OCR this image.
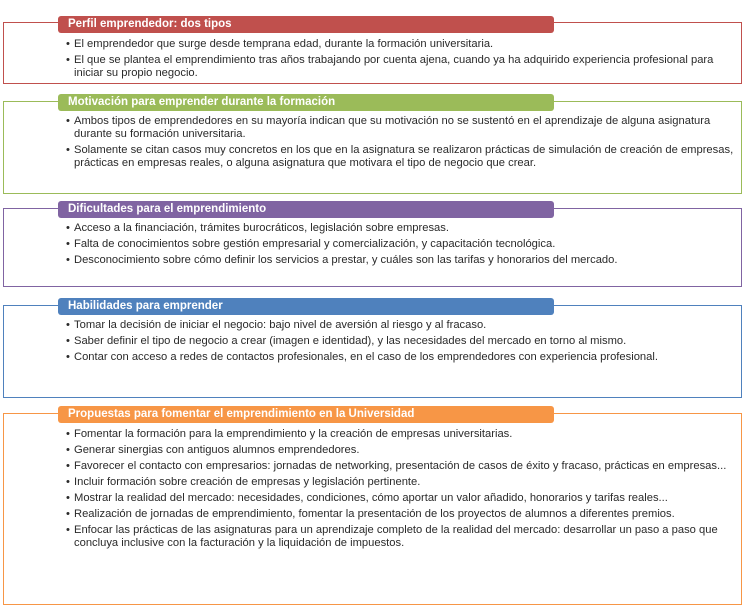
Perfil emprendedor: dos tipos
• El emprendedor que surge desde temprana edad, durante la formación universitaria.
• El que se plantea el emprendimiento tras años trabajando por cuenta ajena, cuando ya ha adquirido experiencia profesional para iniciar su propio negocio.
Motivación para emprender durante la formación
• Ambos tipos de emprendedores en su mayoría indican que su motivación no se sustentó en el aprendizaje de alguna asignatura durante su formación universitaria.
• Solamente se citan casos muy concretos en los que en la asignatura se realizaron prácticas de simulación de creación de empresas, prácticas en empresas reales, o alguna asignatura que motivara el tipo de negocio que crear.
Dificultades para el emprendimiento
• Acceso a la financiación, trámites burocráticos, legislación sobre empresas.
• Falta de conocimientos sobre gestión empresarial y comercialización, y capacitación tecnológica.
• Desconocimiento sobre cómo definir los servicios a prestar, y cuáles son las tarifas y honorarios del mercado.
Habilidades para emprender
• Tomar la decisión de iniciar el negocio: bajo nivel de aversión al riesgo y al fracaso.
• Saber definir el tipo de negocio a crear (imagen e identidad), y las necesidades del mercado en torno al mismo.
• Contar con acceso a redes de contactos profesionales, en el caso de los emprendedores con experiencia profesional.
Propuestas para fomentar el emprendimiento en la Universidad
• Fomentar la formación para la emprendimiento y la creación de empresas universitarias.
• Generar sinergias con antiguos alumnos emprendedores.
• Favorecer el contacto con empresarios: jornadas de networking, presentación de casos de éxito y fracaso, prácticas en empresas...
• Incluir formación sobre creación de empresas y legislación pertinente.
• Mostrar la realidad del mercado: necesidades, condiciones, cómo aportar un valor añadido, honorarios y tarifas reales...
• Realización de jornadas de emprendimiento, fomentar la presentación de los proyectos de alumnos a diferentes premios.
• Enfocar las prácticas de las asignaturas para un aprendizaje completo de la realidad del mercado: desarrollar un paso a paso que concluya inclusive con la facturación y la liquidación de impuestos.
